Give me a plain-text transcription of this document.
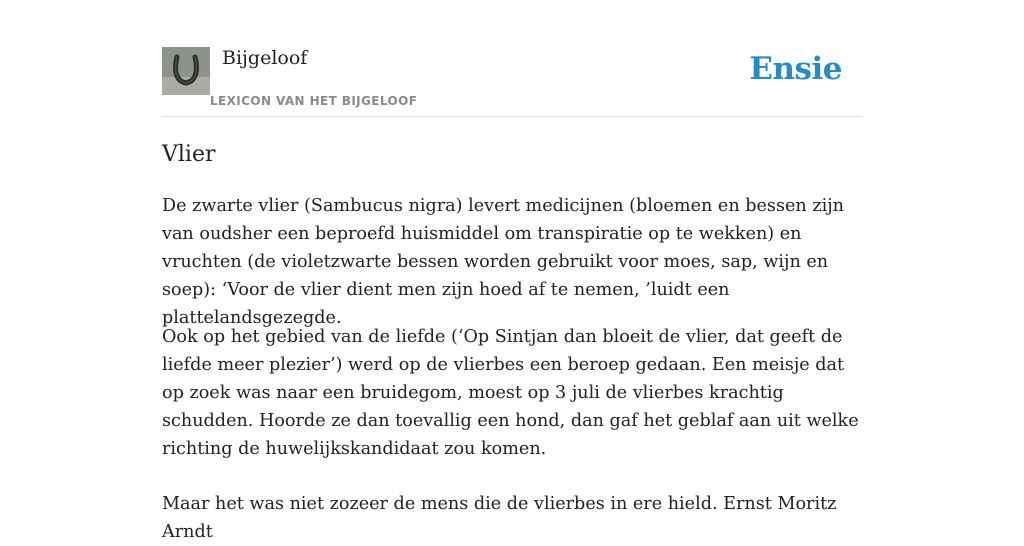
Bijgeloof
LEXICON VAN HET BIJGELOOF
Ensie
Vlier

De zwarte vlier (Sambucus nigra) levert medicijnen (bloemen en bessen zijn van oudsher een beproefd huismiddel om transpiratie op te wekken) en vruchten (de violetzwarte bessen worden gebruikt voor moes, sap, wijn en soep): ‘Voor de vlier dient men zijn hoed af te nemen, ’luidt een plattelandsgezegde.

Ook op het gebied van de liefde (‘Op Sintjan dan bloeit de vlier, dat geeft de liefde meer plezier’) werd op de vlierbes een beroep gedaan. Een meisje dat op zoek was naar een bruidegom, moest op 3 juli de vlierbes krachtig schudden. Hoorde ze dan toevallig een hond, dan gaf het geblaf aan uit welke richting de huwelijkskandidaat zou komen.

Maar het was niet zozeer de mens die de vlierbes in ere hield. Ernst Moritz Arndt
